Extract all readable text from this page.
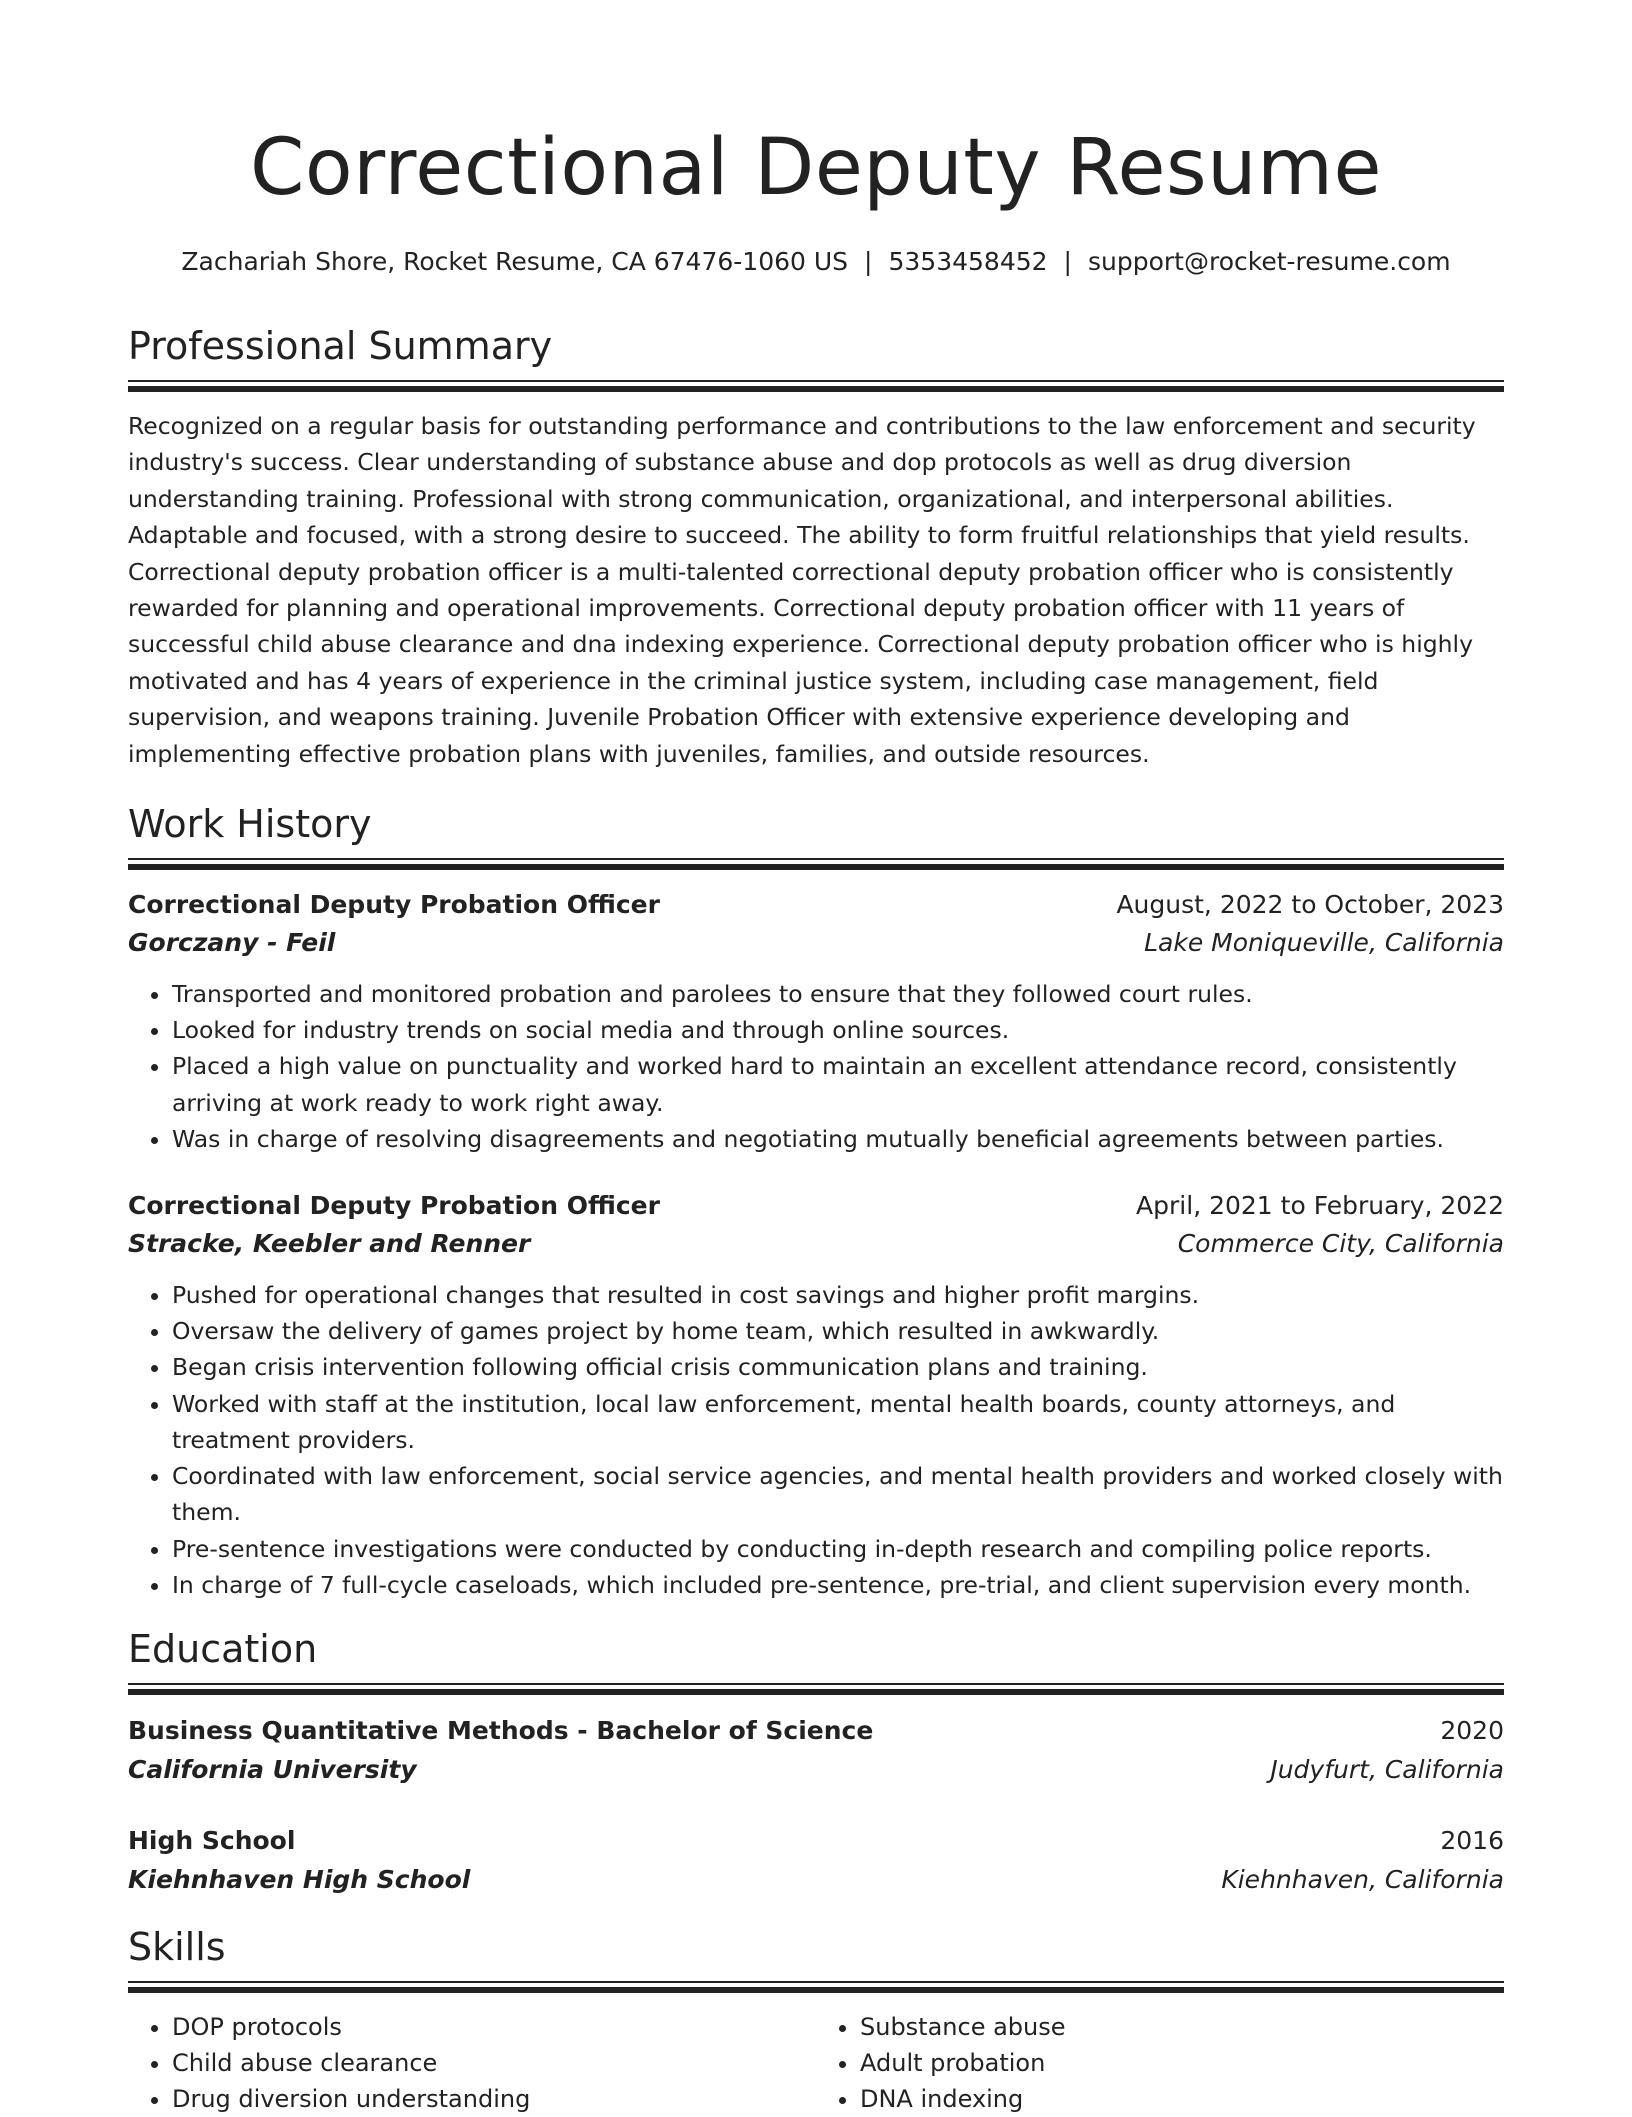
Correctional Deputy Resume
Zachariah Shore, Rocket Resume, CA 67476-1060 US | 5353458452 | support@rocket-resume.com
Professional Summary

Recognized on a regular basis for outstanding performance and contributions to the law enforcement and security industry's success. Clear understanding of substance abuse and dop protocols as well as drug diversion understanding training. Professional with strong communication, organizational, and interpersonal abilities. Adaptable and focused, with a strong desire to succeed. The ability to form fruitful relationships that yield results. Correctional deputy probation officer is a multi-talented correctional deputy probation officer who is consistently rewarded for planning and operational improvements. Correctional deputy probation officer with 11 years of successful child abuse clearance and dna indexing experience. Correctional deputy probation officer who is highly motivated and has 4 years of experience in the criminal justice system, including case management, field supervision, and weapons training. Juvenile Probation Officer with extensive experience developing and implementing effective probation plans with juveniles, families, and outside resources.

Work History
Correctional Deputy Probation Officer	August, 2022 to October, 2023
Gorczany - Feil	Lake Moniqueville, California
• Transported and monitored probation and parolees to ensure that they followed court rules.
• Looked for industry trends on social media and through online sources.
• Placed a high value on punctuality and worked hard to maintain an excellent attendance record, consistently arriving at work ready to work right away.
• Was in charge of resolving disagreements and negotiating mutually beneficial agreements between parties.
Correctional Deputy Probation Officer	April, 2021 to February, 2022
Stracke, Keebler and Renner	Commerce City, California
• Pushed for operational changes that resulted in cost savings and higher profit margins.
• Oversaw the delivery of games project by home team, which resulted in awkwardly.
• Began crisis intervention following official crisis communication plans and training.
• Worked with staff at the institution, local law enforcement, mental health boards, county attorneys, and treatment providers.
• Coordinated with law enforcement, social service agencies, and mental health providers and worked closely with them.
• Pre-sentence investigations were conducted by conducting in-depth research and compiling police reports.
• In charge of 7 full-cycle caseloads, which included pre-sentence, pre-trial, and client supervision every month.
Education
Business Quantitative Methods - Bachelor of Science	2020
California University	Judyfurt, California
High School	2016
Kiehnhaven High School	Kiehnhaven, California
Skills
• DOP protocols
• Child abuse clearance
• Drug diversion understanding
• Substance abuse
• Adult probation
• DNA indexing
